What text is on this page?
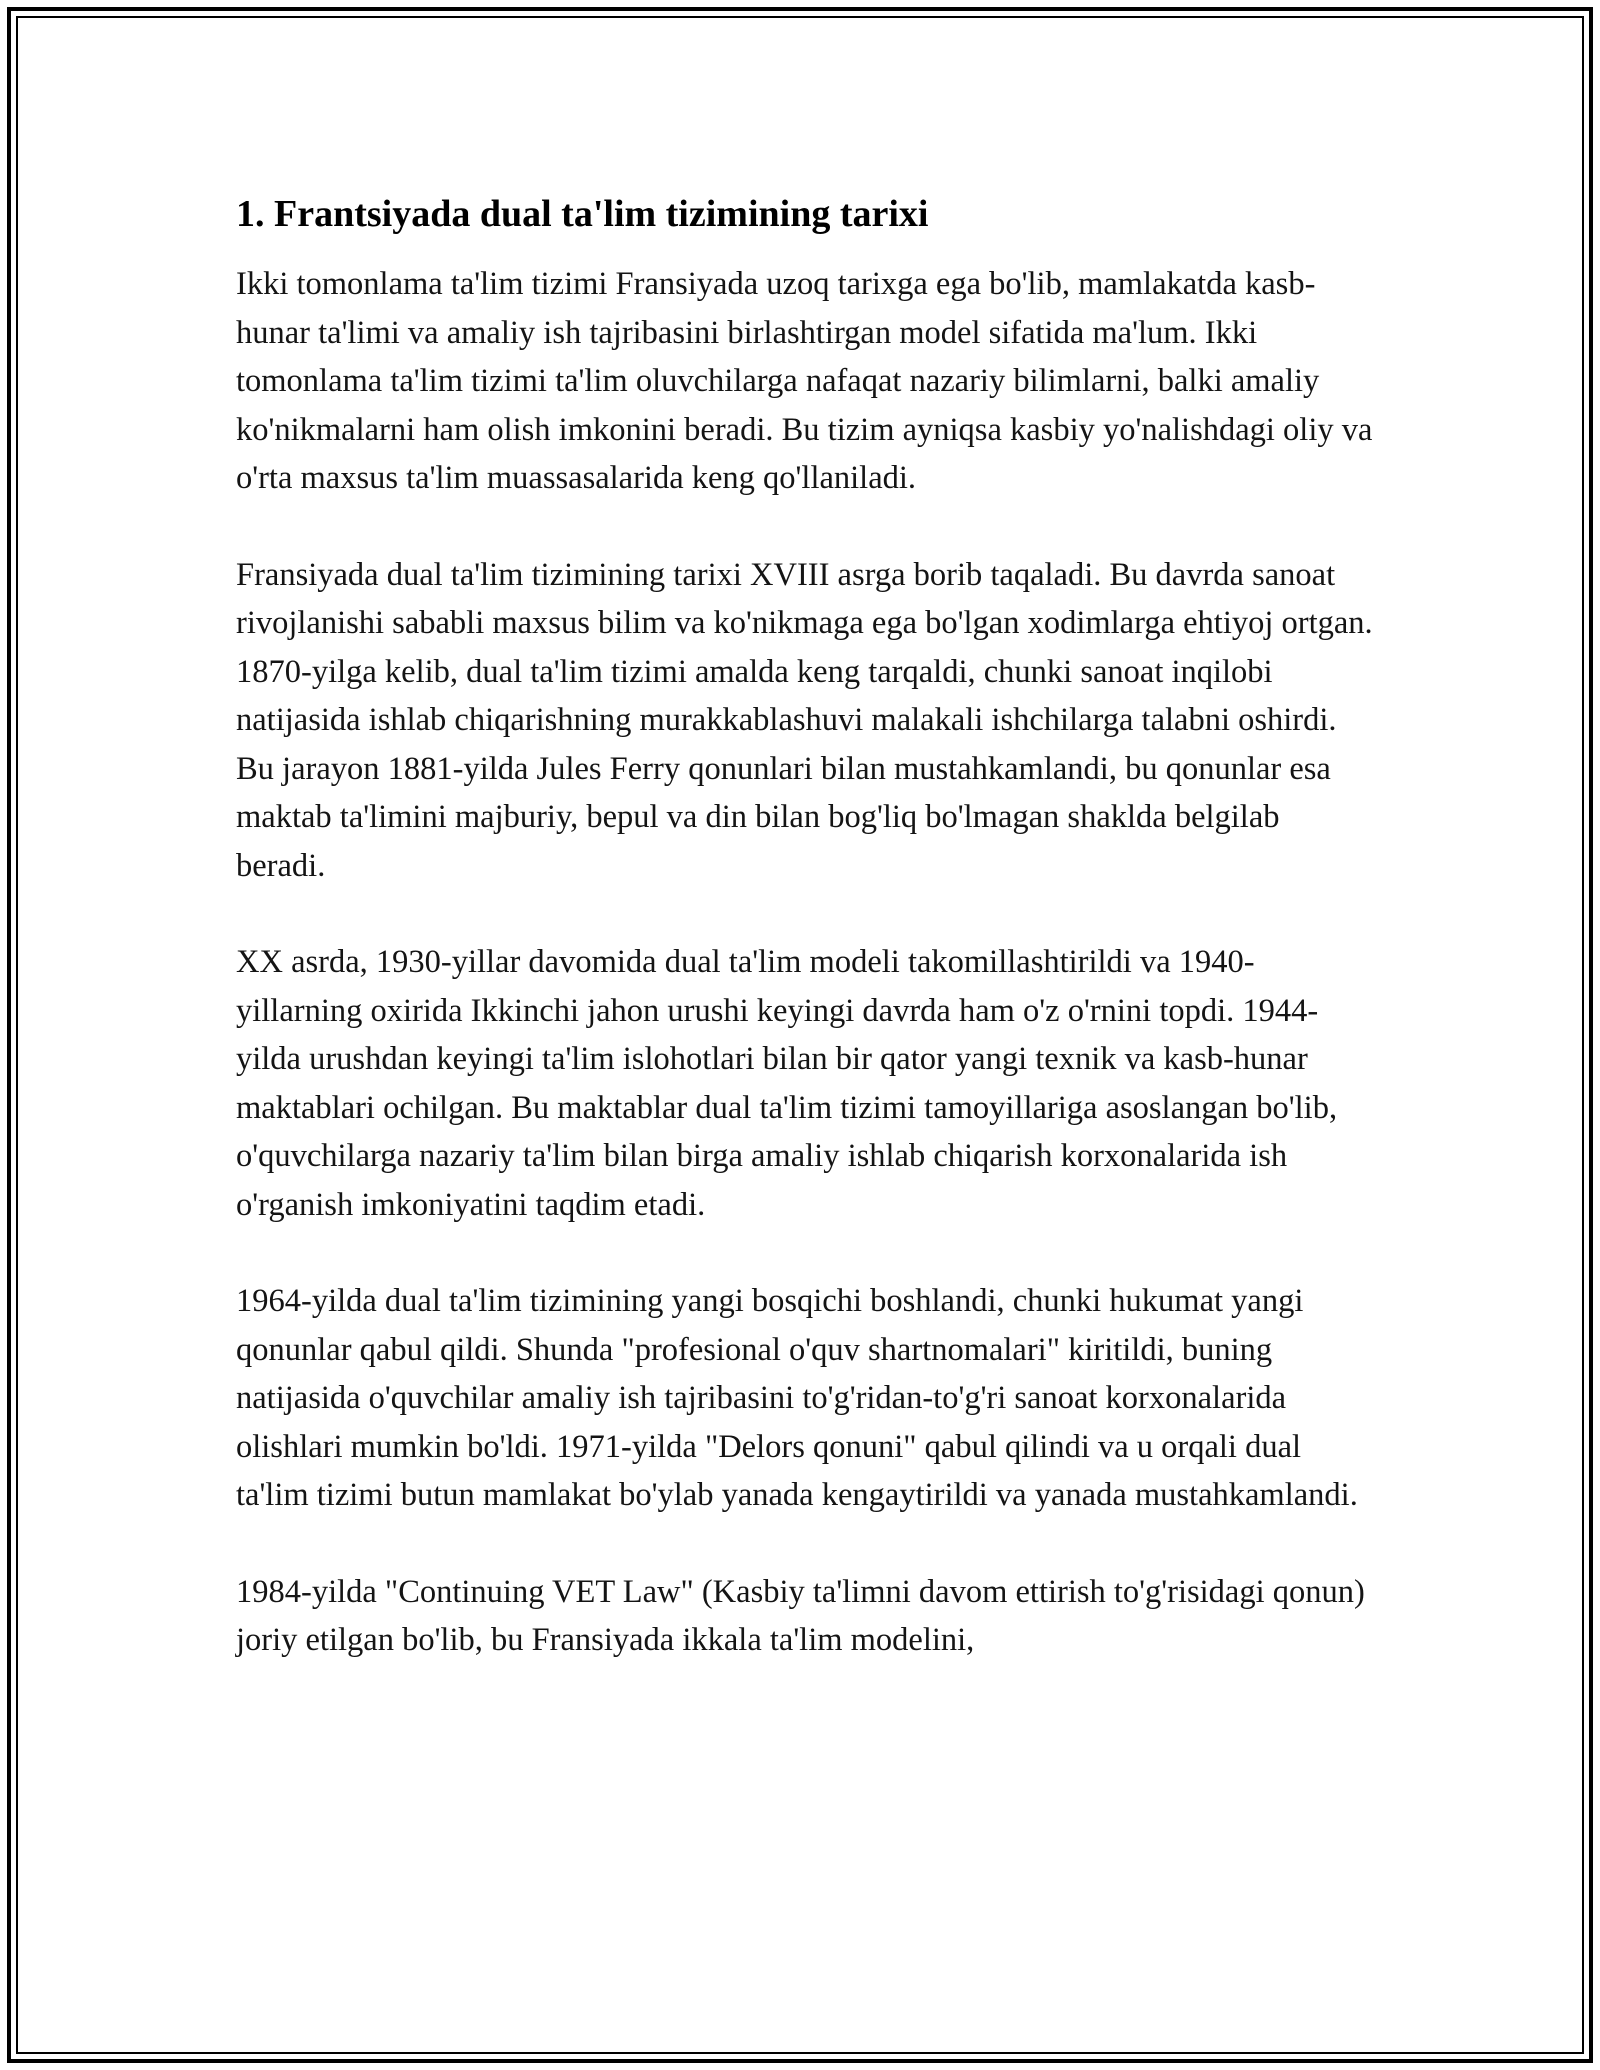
1. Frantsiyada dual ta'lim tizimining tarixi

Ikki tomonlama ta'lim tizimi Fransiyada uzoq tarixga ega bo'lib, mamlakatda kasb-hunar ta'limi va amaliy ish tajribasini birlashtirgan model sifatida ma'lum. Ikki tomonlama ta'lim tizimi ta'lim oluvchilarga nafaqat nazariy bilimlarni, balki amaliy ko'nikmalarni ham olish imkonini beradi. Bu tizim ayniqsa kasbiy yo'nalishdagi oliy va o'rta maxsus ta'lim muassasalarida keng qo'llaniladi.

Fransiyada dual ta'lim tizimining tarixi XVIII asrga borib taqaladi. Bu davrda sanoat rivojlanishi sababli maxsus bilim va ko'nikmaga ega bo'lgan xodimlarga ehtiyoj ortgan. 1870-yilga kelib, dual ta'lim tizimi amalda keng tarqaldi, chunki sanoat inqilobi natijasida ishlab chiqarishning murakkablashuvi malakali ishchilarga talabni oshirdi. Bu jarayon 1881-yilda Jules Ferry qonunlari bilan mustahkamlandi, bu qonunlar esa maktab ta'limini majburiy, bepul va din bilan bog'liq bo'lmagan shaklda belgilab beradi.

XX asrda, 1930-yillar davomida dual ta'lim modeli takomillashtirildi va 1940-yillarning oxirida Ikkinchi jahon urushi keyingi davrda ham o'z o'rnini topdi. 1944-yilda urushdan keyingi ta'lim islohotlari bilan bir qator yangi texnik va kasb-hunar maktablari ochilgan. Bu maktablar dual ta'lim tizimi tamoyillariga asoslangan bo'lib, o'quvchilarga nazariy ta'lim bilan birga amaliy ishlab chiqarish korxonalarida ish o'rganish imkoniyatini taqdim etadi.

1964-yilda dual ta'lim tizimining yangi bosqichi boshlandi, chunki hukumat yangi qonunlar qabul qildi. Shunda "profesional o'quv shartnomalari" kiritildi, buning natijasida o'quvchilar amaliy ish tajribasini to'g'ridan-to'g'ri sanoat korxonalarida olishlari mumkin bo'ldi. 1971-yilda "Delors qonuni" qabul qilindi va u orqali dual ta'lim tizimi butun mamlakat bo'ylab yanada kengaytirildi va yanada mustahkamlandi.

1984-yilda "Continuing VET Law" (Kasbiy ta'limni davom ettirish to'g'risidagi qonun) joriy etilgan bo'lib, bu Fransiyada ikkala ta'lim modelini,
